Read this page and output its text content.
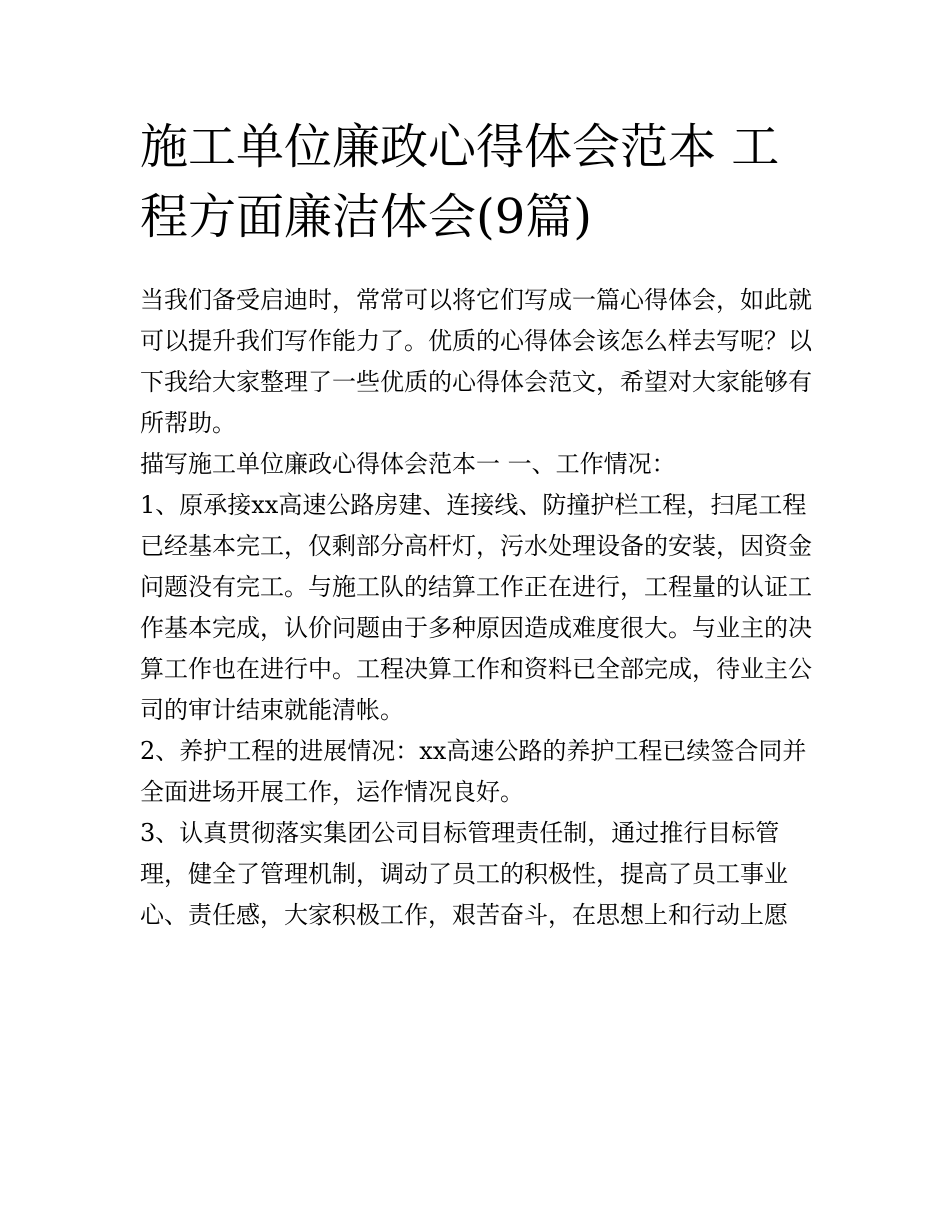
施工单位廉政心得体会范本 工程方面廉洁体会(9篇)

当我们备受启迪时，常常可以将它们写成一篇心得体会，如此就可以提升我们写作能力了。优质的心得体会该怎么样去写呢？以下我给大家整理了一些优质的心得体会范文，希望对大家能够有所帮助。

描写施工单位廉政心得体会范本一 一、工作情况：

1、原承接xx高速公路房建、连接线、防撞护栏工程，扫尾工程已经基本完工，仅剩部分高杆灯，污水处理设备的安装，因资金问题没有完工。与施工队的结算工作正在进行，工程量的认证工作基本完成，认价问题由于多种原因造成难度很大。与业主的决算工作也在进行中。工程决算工作和资料已全部完成，待业主公司的审计结束就能清帐。

2、养护工程的进展情况：xx高速公路的养护工程已续签合同并全面进场开展工作，运作情况良好。

3、认真贯彻落实集团公司目标管理责任制，通过推行目标管理，健全了管理机制，调动了员工的积极性，提高了员工事业心、责任感，大家积极工作，艰苦奋斗，在思想上和行动上愿
